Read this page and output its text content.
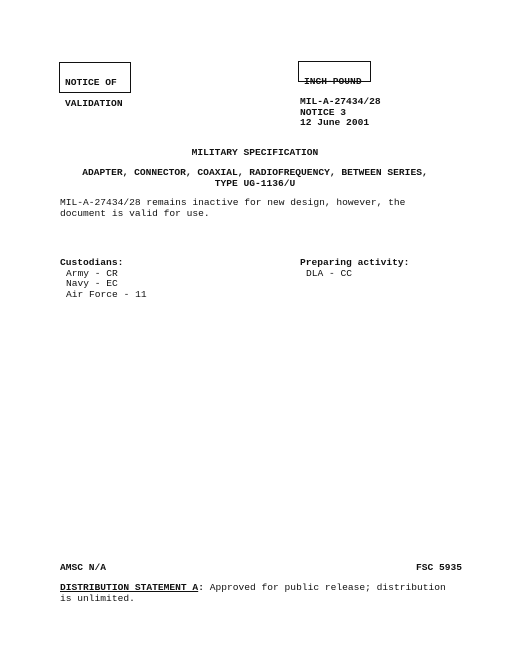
NOTICE OF

VALIDATION

INCH-POUND

MIL-A-27434/28
NOTICE 3
12 June 2001
MILITARY SPECIFICATION
ADAPTER, CONNECTOR, COAXIAL, RADIOFREQUENCY, BETWEEN SERIES,
TYPE UG-1136/U
MIL-A-27434/28 remains inactive for new design, however, the
document is valid for use.
Custodians:
Army - CR
Navy - EC
Air Force - 11
Preparing activity:
DLA - CC
AMSC N/A	FSC 5935
DISTRIBUTION STATEMENT A: Approved for public release; distribution
is unlimited.
